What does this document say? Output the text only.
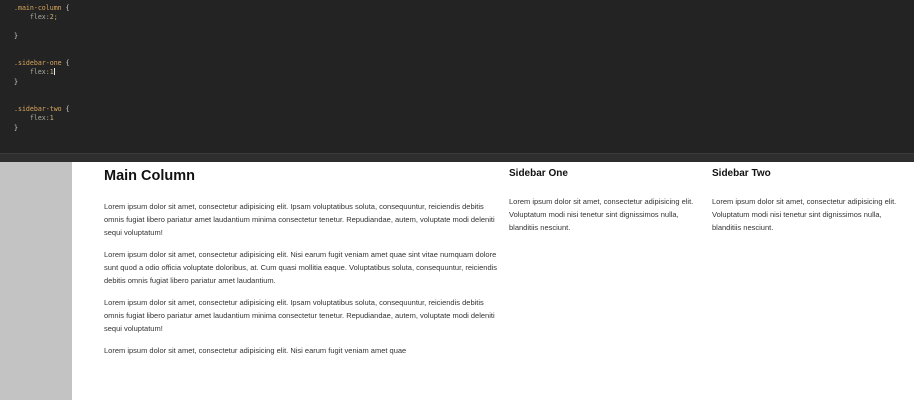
.main-column {
flex:2;

}

.sidebar-one {
flex:1
}

.sidebar-two {
flex:1
}
Main Column

Lorem ipsum dolor sit amet, consectetur adipisicing elit. Ipsam voluptatibus soluta, consequuntur, reiciendis debitis omnis fugiat libero pariatur amet laudantium minima consectetur tenetur. Repudiandae, autem, voluptate modi deleniti sequi voluptatum!

Lorem ipsum dolor sit amet, consectetur adipisicing elit. Nisi earum fugit veniam amet quae sint vitae numquam dolore sunt quod a odio officia voluptate doloribus, at. Cum quasi mollitia eaque. Voluptatibus soluta, consequuntur, reiciendis debitis omnis fugiat libero pariatur amet laudantium.

Lorem ipsum dolor sit amet, consectetur adipisicing elit. Ipsam voluptatibus soluta, consequuntur, reiciendis debitis omnis fugiat libero pariatur amet laudantium minima consectetur tenetur. Repudiandae, autem, voluptate modi deleniti sequi voluptatum!

Lorem ipsum dolor sit amet, consectetur adipisicing elit. Nisi earum fugit veniam amet quae

Sidebar One

Lorem ipsum dolor sit amet, consectetur adipisicing elit. Voluptatum modi nisi tenetur sint dignissimos nulla, blanditiis nesciunt.

Sidebar Two

Lorem ipsum dolor sit amet, consectetur adipisicing elit. Voluptatum modi nisi tenetur sint dignissimos nulla, blanditiis nesciunt.
